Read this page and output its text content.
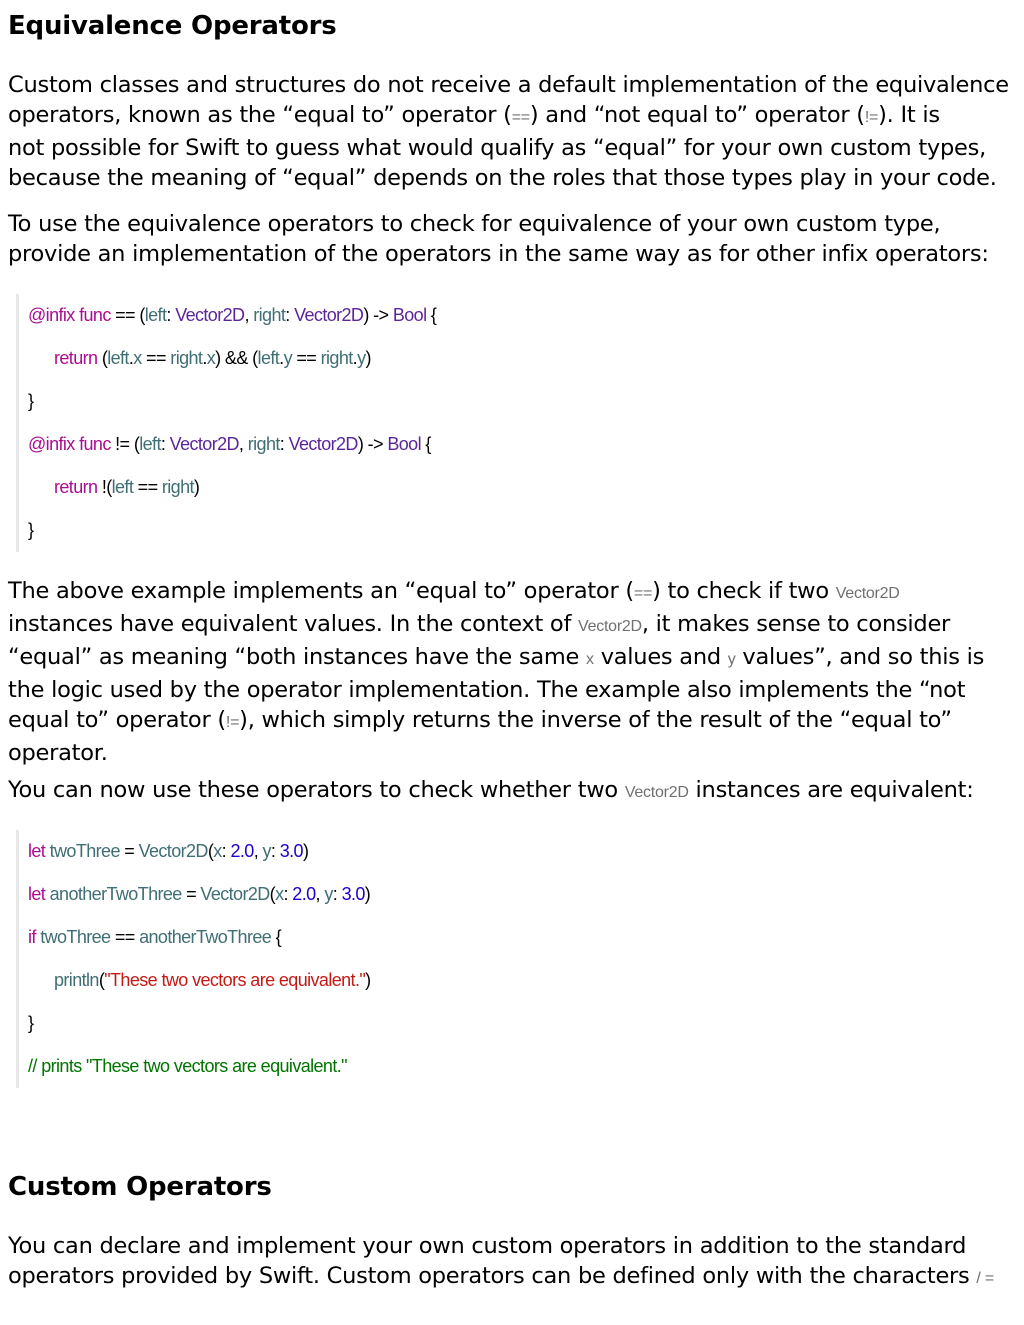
Equivalence Operators

Custom classes and structures do not receive a default implementation of the equivalence

operators, known as the “equal to” operator (==) and “not equal to” operator (!=). It is

not possible for Swift to guess what would qualify as “equal” for your own custom types,

because the meaning of “equal” depends on the roles that those types play in your code.

To use the equivalence operators to check for equivalence of your own custom type,

provide an implementation of the operators in the same way as for other infix operators:

@infix func == (left: Vector2D, right: Vector2D) -> Bool {
return (left.x == right.x) && (left.y == right.y)
}
@infix func != (left: Vector2D, right: Vector2D) -> Bool {
return !(left == right)
}

The above example implements an “equal to” operator (==) to check if two Vector2D

instances have equivalent values. In the context of Vector2D, it makes sense to consider

“equal” as meaning “both instances have the same x values and y values”, and so this is

the logic used by the operator implementation. The example also implements the “not

equal to” operator (!=), which simply returns the inverse of the result of the “equal to”

operator.

You can now use these operators to check whether two Vector2D instances are equivalent:

let twoThree = Vector2D(x: 2.0, y: 3.0)
let anotherTwoThree = Vector2D(x: 2.0, y: 3.0)
if twoThree == anotherTwoThree {
println("These two vectors are equivalent.")
}
// prints "These two vectors are equivalent."
Custom Operators

You can declare and implement your own custom operators in addition to the standard

operators provided by Swift. Custom operators can be defined only with the characters / =
